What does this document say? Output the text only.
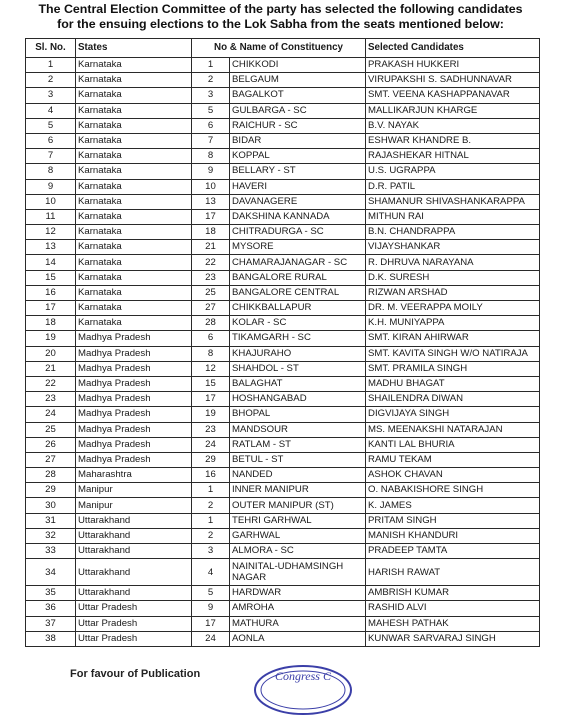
The Central Election Committee of the party has selected the following candidates
for the ensuing elections to the Lok Sabha from the seats mentioned below:
Sl. No.	States	No & Name of Constituency		Selected Candidates
1	Karnataka	1	CHIKKODI	PRAKASH HUKKERI
2	Karnataka	2	BELGAUM	VIRUPAKSHI S. SADHUNNAVAR
3	Karnataka	3	BAGALKOT	SMT. VEENA KASHAPPANAVAR
4	Karnataka	5	GULBARGA - SC	MALLIKARJUN KHARGE
5	Karnataka	6	RAICHUR - SC	B.V. NAYAK
6	Karnataka	7	BIDAR	ESHWAR KHANDRE B.
7	Karnataka	8	KOPPAL	RAJASHEKAR HITNAL
8	Karnataka	9	BELLARY - ST	U.S. UGRAPPA
9	Karnataka	10	HAVERI	D.R. PATIL
10	Karnataka	13	DAVANAGERE	SHAMANUR SHIVASHANKARAPPA
11	Karnataka	17	DAKSHINA KANNADA	MITHUN RAI
12	Karnataka	18	CHITRADURGA - SC	B.N. CHANDRAPPA
13	Karnataka	21	MYSORE	VIJAYSHANKAR
14	Karnataka	22	CHAMARAJANAGAR - SC	R. DHRUVA NARAYANA
15	Karnataka	23	BANGALORE RURAL	D.K. SURESH
16	Karnataka	25	BANGALORE CENTRAL	RIZWAN ARSHAD
17	Karnataka	27	CHIKKBALLAPUR	DR. M. VEERAPPA MOILY
18	Karnataka	28	KOLAR - SC	K.H. MUNIYAPPA
19	Madhya Pradesh	6	TIKAMGARH - SC	SMT. KIRAN AHIRWAR
20	Madhya Pradesh	8	KHAJURAHO	SMT. KAVITA SINGH W/O NATIRAJA
21	Madhya Pradesh	12	SHAHDOL - ST	SMT. PRAMILA SINGH
22	Madhya Pradesh	15	BALAGHAT	MADHU BHAGAT
23	Madhya Pradesh	17	HOSHANGABAD	SHAILENDRA DIWAN
24	Madhya Pradesh	19	BHOPAL	DIGVIJAYA SINGH
25	Madhya Pradesh	23	MANDSOUR	MS. MEENAKSHI NATARAJAN
26	Madhya Pradesh	24	RATLAM - ST	KANTI LAL BHURIA
27	Madhya Pradesh	29	BETUL - ST	RAMU TEKAM
28	Maharashtra	16	NANDED	ASHOK CHAVAN
29	Manipur	1	INNER MANIPUR	O. NABAKISHORE SINGH
30	Manipur	2	OUTER MANIPUR (ST)	K. JAMES
31	Uttarakhand	1	TEHRI GARHWAL	PRITAM SINGH
32	Uttarakhand	2	GARHWAL	MANISH KHANDURI
33	Uttarakhand	3	ALMORA - SC	PRADEEP TAMTA
34	Uttarakhand	4	NAINITAL-UDHAMSINGH NAGAR	HARISH RAWAT
35	Uttarakhand	5	HARDWAR	AMBRISH KUMAR
36	Uttar Pradesh	9	AMROHA	RASHID ALVI
37	Uttar Pradesh	17	MATHURA	MAHESH PATHAK
38	Uttar Pradesh	24	AONLA	KUNWAR SARVARAJ SINGH
For favour of Publication	Congress C
